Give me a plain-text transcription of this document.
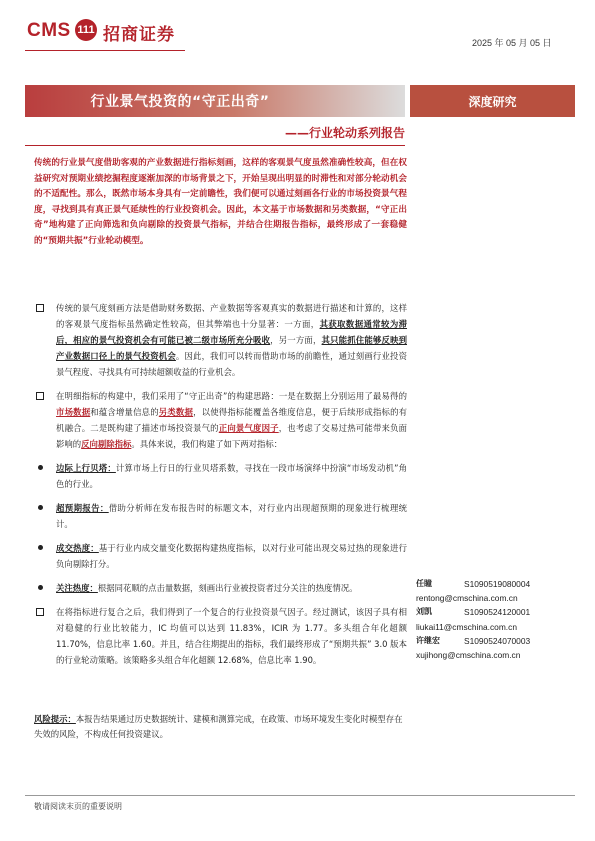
CMS 111 招商证券	2025 年 05 月 05 日
行业景气投资的“守正出奇”
——行业轮动系列报告
深度研究
传统的行业景气度借助客观的产业数据进行指标刻画，这样的客观景气度虽然准确性较高，但在权益研究对预期业绩挖掘程度逐渐加深的市场背景之下，开始呈现出明显的时滞性和对部分轮动机会的不适配性。那么，既然市场本身具有一定前瞻性，我们便可以通过刻画各行业的市场投资景气程度，寻找到具有真正景气延续性的行业投资机会。因此，本文基于市场数据和另类数据，“守正出奇”地构建了正向筛选和负向剔除的投资景气指标，并结合往期报告指标，最终形成了一套稳健的“预期共振”行业轮动模型。
传统的景气度刻画方法是借助财务数据、产业数据等客观真实的数据进行描述和计算的，这样的客观景气度指标虽然确定性较高，但其弊端也十分显著：一方面，其获取数据通常较为滞后，相应的景气投资机会有可能已被二级市场所充分吸收，另一方面，其只能抓住能够反映到产业数据口径上的景气投资机会。因此，我们可以转而借助市场的前瞻性，通过刻画行业投资景气程度、寻找具有可持续超额收益的行业机会。
在明细指标的构建中，我们采用了“守正出奇”的构建思路：一是在数据上分别运用了最易得的市场数据和蕴含增量信息的另类数据，以使得指标能覆盖各维度信息，便于后续形成指标的有机融合。二是既构建了描述市场投资景气的正向景气度因子，也考虑了交易过热可能带来负面影响的反向剔除指标。具体来说，我们构建了如下两对指标：
边际上行贝塔：计算市场上行日的行业贝塔系数，寻找在一段市场演绎中扮演“市场发动机”角色的行业。
超预期报告：借助分析师在发布报告时的标题文本，对行业内出现超预期的现象进行梳理统计。
成交热度：基于行业内成交量变化数据构建热度指标，以对行业可能出现交易过热的现象进行负向剔除打分。
关注热度：根据同花顺的点击量数据，刻画出行业被投资者过分关注的热度情况。
在将指标进行复合之后，我们得到了一个复合的行业投资景气因子。经过测试，该因子具有相对稳健的行业比较能力，IC 均值可以达到 11.83%，ICIR 为 1.77。多头组合年化超额 11.70%，信息比率 1.60。并且，结合往期提出的指标，我们最终形成了“预期共振” 3.0 版本的行业轮动策略。该策略多头组合年化超额 12.68%，信息比率 1.90。
任瞳	S1090519080004
rentong@cmschina.com.cn
刘凯	S1090524120001
liukai11@cmschina.com.cn
许继宏	S1090524070003
xujihong@cmschina.com.cn
风险提示：本报告结果通过历史数据统计、建模和测算完成，在政策、市场环境发生变化时模型存在失效的风险，不构成任何投资建议。
敬请阅读末页的重要说明
